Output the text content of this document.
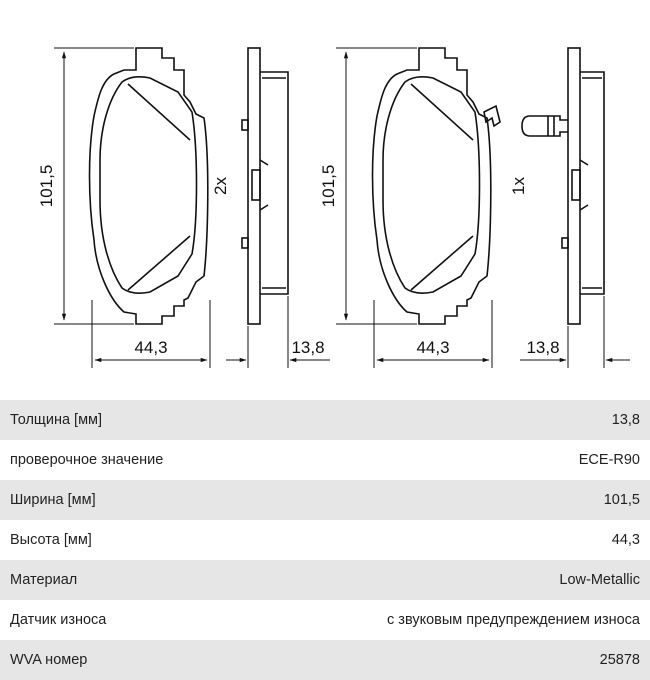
101,5
44,3	13,8
2x	101,5
44,3	13,8
1x
Толщина [мм]	13,8
проверочное значение	ECE-R90
Ширина [мм]	101,5
Высота [мм]	44,3
Материал	Low-Metallic
Датчик износа	с звуковым предупреждением износа
WVA номер	25878
